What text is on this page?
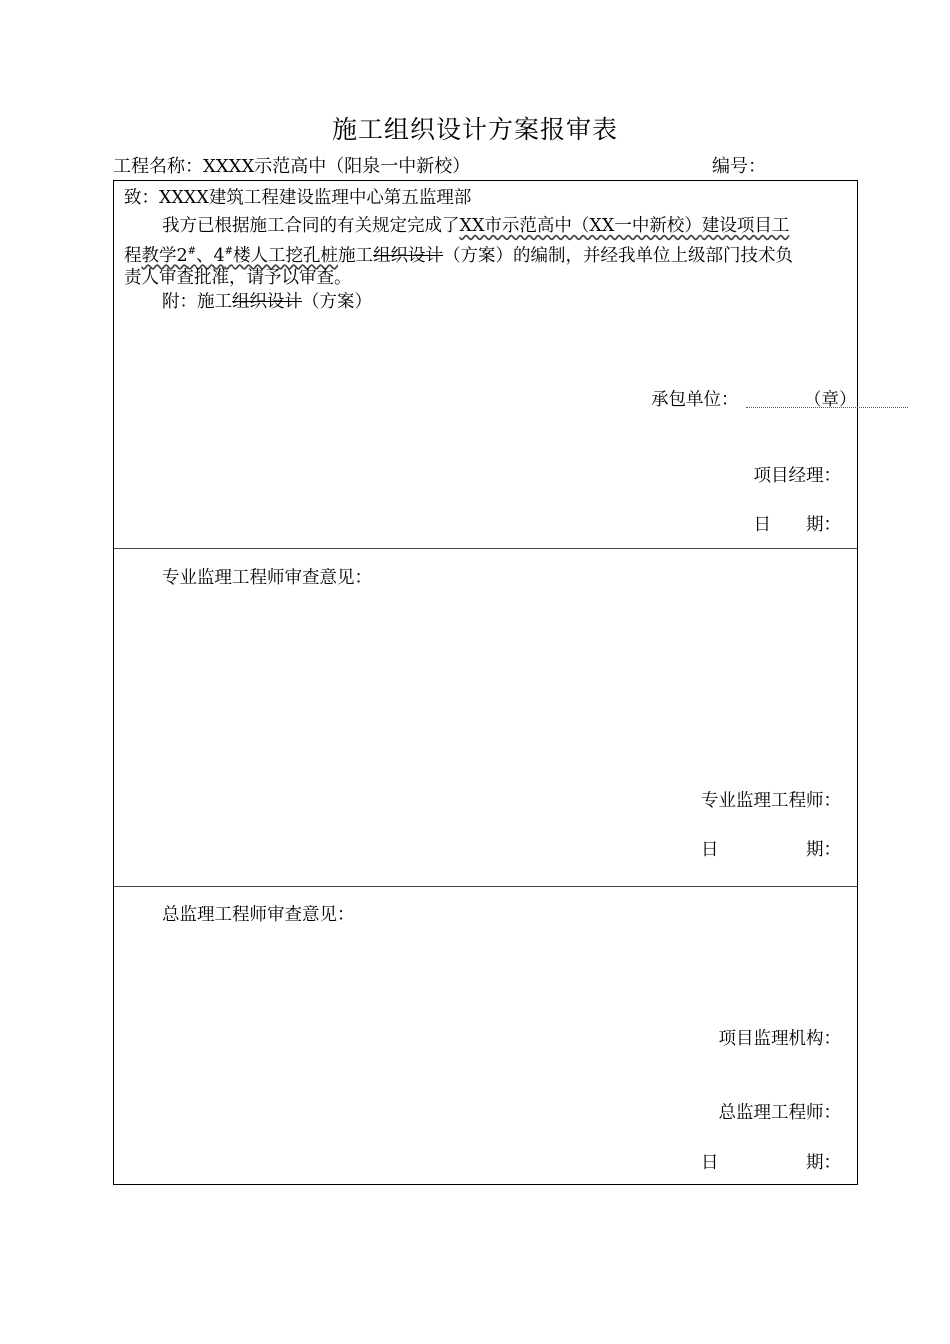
施工组织设计方案报审表
工程名称：XXXX示范高中（阳泉一中新校）	编号：
致：XXXX建筑工程建设监理中心第五监理部
我方已根据施工合同的有关规定完成了XX市示范高中（XX一中新校）建设项目工
程教学2#、4#楼人工挖孔桩施工组织设计（方案）的编制，并经我单位上级部门技术负
责人审查批准，请予以审查。
附：施工组织设计（方案）
承包单位：	（章）
项目经理：
日　　期：
专业监理工程师审查意见：
专业监理工程师：
日　　　　　期：
总监理工程师审查意见：
项目监理机构：
总监理工程师：
日　　　　　期：
